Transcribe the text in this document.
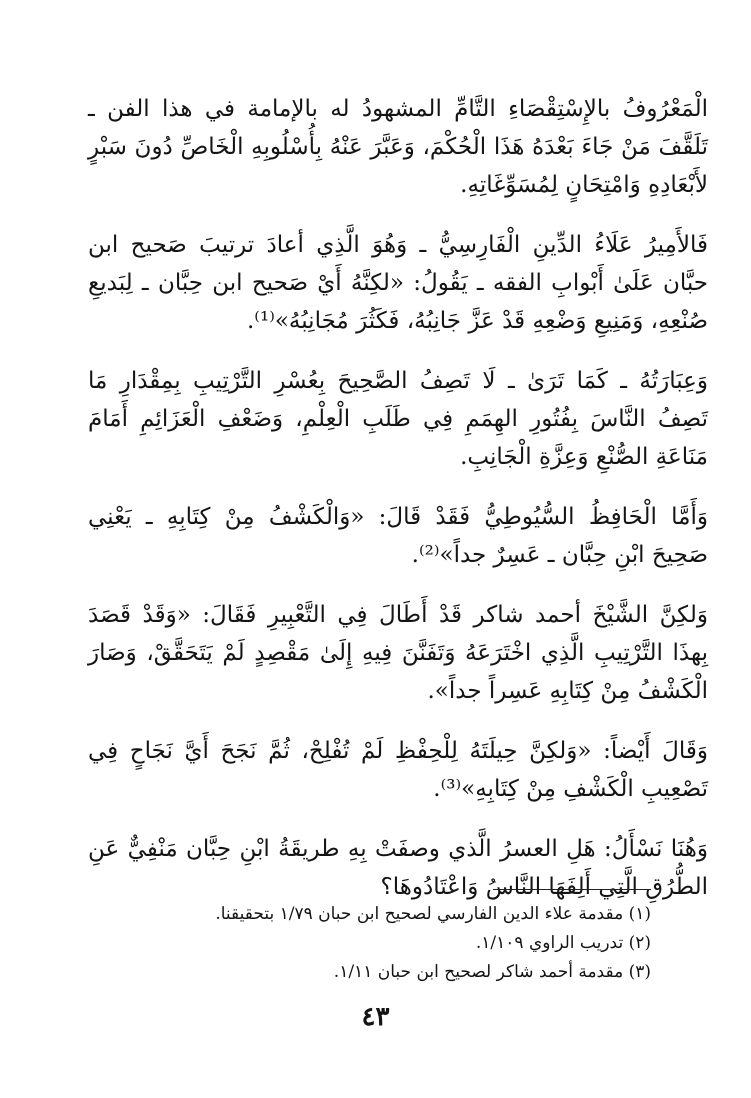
الْمَعْرُوفُ بالإِسْتِقْصَاءِ التَّامِّ المشهودُ له بالإمامة في هذا الفن ـ تَلَقَّفَ مَنْ جَاءَ بَعْدَهُ هَذَا الْحُكْمَ، وَعَبَّرَ عَنْهُ بِأُسْلُوبِهِ الْخَاصِّ دُونَ سَبْرٍ لأَبْعَادِهِ وَامْتِحَانٍ لِمُسَوِّغَاتِهِ.

فَالأَمِيرُ عَلَاءُ الدِّينِ الْفَارِسِيُّ ـ وَهُوَ الَّذِي أعادَ ترتيبَ صَحيح ابن حبَّان عَلَىٰ أَبْوابِ الفقه ـ يَقُولُ: «لكِنَّهُ أَيْ صَحيح ابن حِبَّان ـ لِبَديعِ صُنْعِهِ، وَمَنِيعِ وَضْعِهِ قَدْ عَزَّ جَانِبُهُ، فَكَثُرَ مُجَانِبُهُ»⁽¹⁾.

وَعِبَارَتُهُ ـ كَمَا تَرَىٰ ـ لَا تَصِفُ الصَّحِيحَ بِعُسْرِ التَّرْتِيبِ بِمِقْدَارِ مَا تَصِفُ النَّاسَ بِفُتُورِ الهِمَمِ فِي طَلَبِ الْعِلْمِ، وَضَعْفِ الْعَزَائِمِ أَمَامَ مَنَاعَةِ الصُّنْعِ وَعِزَّةِ الْجَانِبِ.

وَأَمَّا الْحَافِظُ السُّيُوطِيُّ فَقَدْ قَالَ: «وَالْكَشْفُ مِنْ كِتَابِهِ ـ يَعْنِي صَحِيحَ ابْنِ حِبَّان ـ عَسِرٌ جداً»⁽²⁾.

وَلكِنَّ الشَّيْخَ أحمد شاكر قَدْ أَطَالَ فِي التَّعْبِيرِ فَقَالَ: «وَقَدْ قَصَدَ بِهذَا التَّرْتِيبِ الَّذِي اخْتَرَعَهُ وَتَفَنَّنَ فِيهِ إِلَىٰ مَقْصِدٍ لَمْ يَتَحَقَّقْ، وَصَارَ الْكَشْفُ مِنْ كِتَابِهِ عَسِراً جداً».

وَقَالَ أَيْضاً: «وَلكِنَّ حِيلَتَهُ لِلْحِفْظِ لَمْ تُفْلِحْ، ثُمَّ نَجَحَ أَيَّ نَجَاحٍ فِي تَصْعِيبِ الْكَشْفِ مِنْ كِتَابِهِ»⁽³⁾.

وَهُنَا نَسْأَلُ: هَلِ العسرُ الَّذي وصفَتْ بِهِ طريقَةُ ابْنِ حِبَّان مَنْفِيٌّ عَنِ الطُّرُقِ الَّتِي أَلِفَهَا النَّاسُ وَاعْتَادُوهَا؟

(١) مقدمة علاء الدين الفارسي لصحيح ابن حبان ١/٧٩ بتحقيقنا.

(٢) تدريب الراوي ١/١٠٩.

(٣) مقدمة أحمد شاكر لصحيح ابن حبان ١/١١.

٤٣
